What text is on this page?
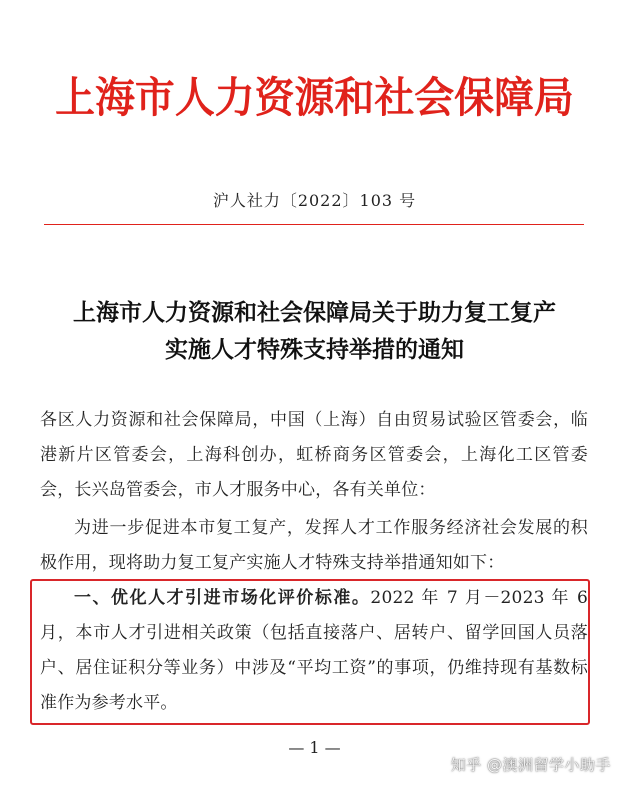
上海市人力资源和社会保障局
沪人社力〔2022〕103 号
上海市人力资源和社会保障局关于助力复工复产
实施人才特殊支持举措的通知
各区人力资源和社会保障局，中国（上海）自由贸易试验区管委会，临港新片区管委会，上海科创办，虹桥商务区管委会，上海化工区管委会，长兴岛管委会，市人才服务中心，各有关单位：
为进一步促进本市复工复产，发挥人才工作服务经济社会发展的积极作用，现将助力复工复产实施人才特殊支持举措通知如下：
一、优化人才引进市场化评价标准。2022 年 7 月－2023 年 6 月，本市人才引进相关政策（包括直接落户、居转户、留学回国人员落户、居住证积分等业务）中涉及“平均工资”的事项，仍维持现有基数标准作为参考水平。
— 1 —
知乎 @澳洲留学小助手
